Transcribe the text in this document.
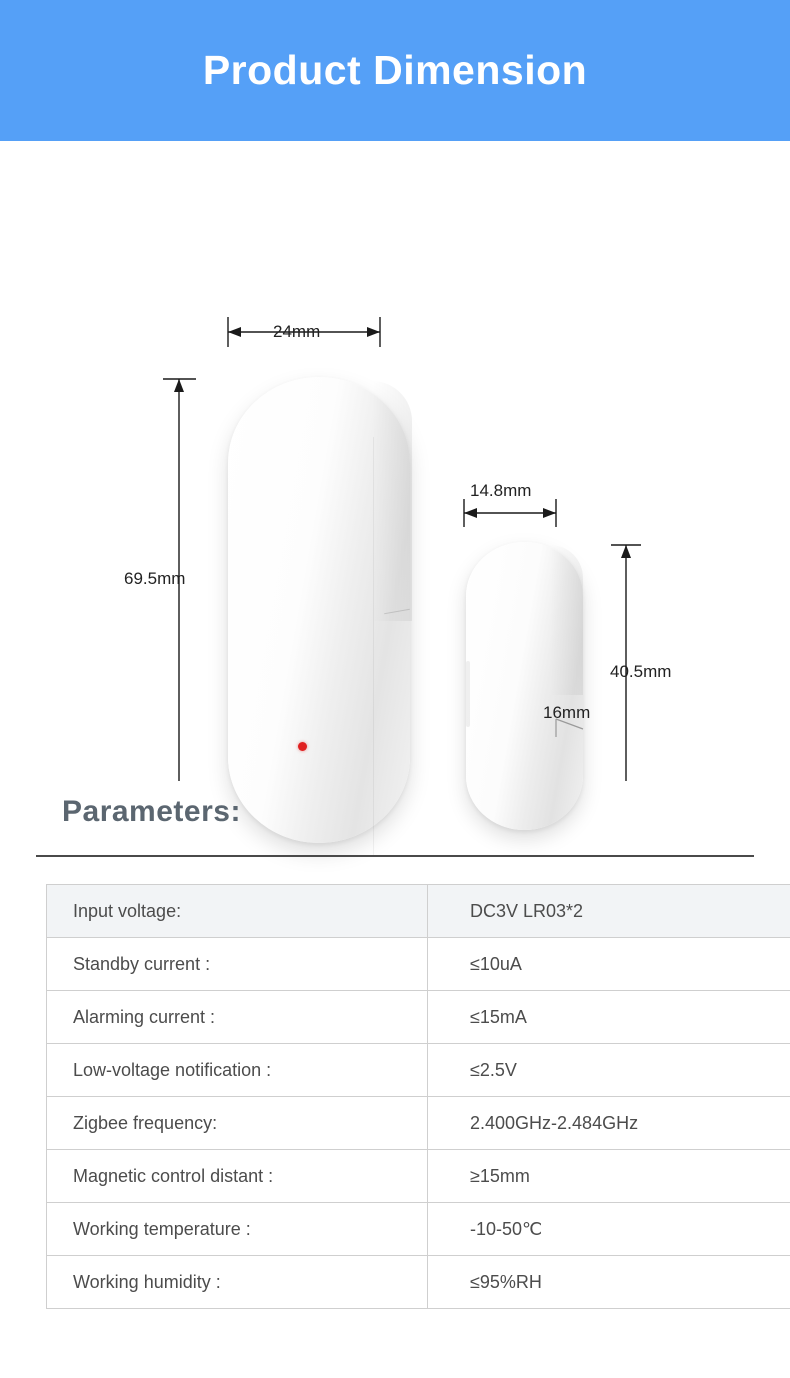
Product Dimension
24mm
69.5mm
14.8mm
40.5mm
16mm
Parameters:
Input voltage:	DC3V LR03*2
Standby current :	≤10uA
Alarming current :	≤15mA
Low-voltage notification :	≤2.5V
Zigbee frequency:	2.400GHz-2.484GHz
Magnetic control distant :	≥15mm
Working temperature :	-10-50℃
Working humidity :	≤95%RH
